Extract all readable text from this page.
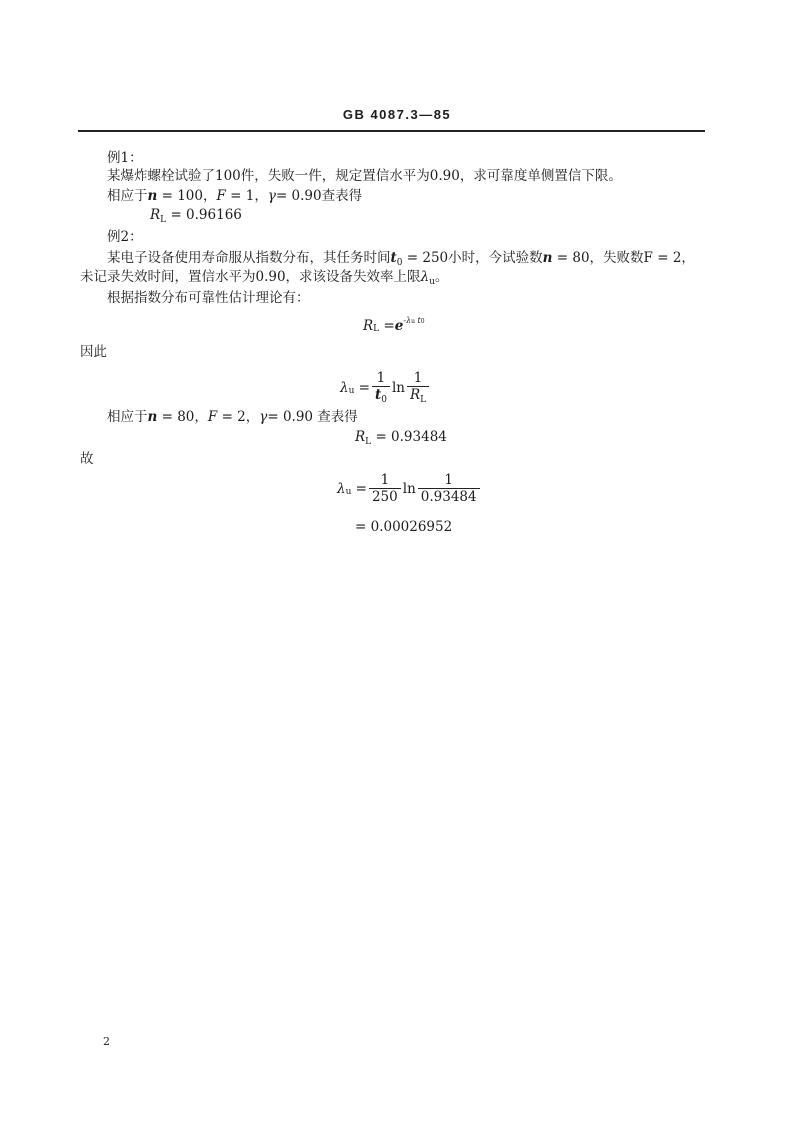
GB 4087.3—85
例1：
某爆炸螺栓试验了100件，失败一件，规定置信水平为0.90，求可靠度单侧置信下限。
相应于n = 100，F = 1，γ= 0.90查表得
$R_L = 0.96166$
例2：
某电子设备使用寿命服从指数分布，其任务时间$t_0 = 250$小时，今试验数n = 80，失败数F = 2，
未记录失效时间，置信水平为0.90，求该设备失效率上限$\lambda_u$。
根据指数分布可靠性估计理论有：
R L = e -λu t0
因此
λ $u = \frac{1}{t_0}$ $\ln \frac{1}{R_L}$
相应于n = 80，F = 2，γ= 0.90 查表得
$R_L = 0.93484$
故
λ $u = \frac{1}{250}$ $\ln \frac{1}{0.93484}$
= 0.00026952
2
